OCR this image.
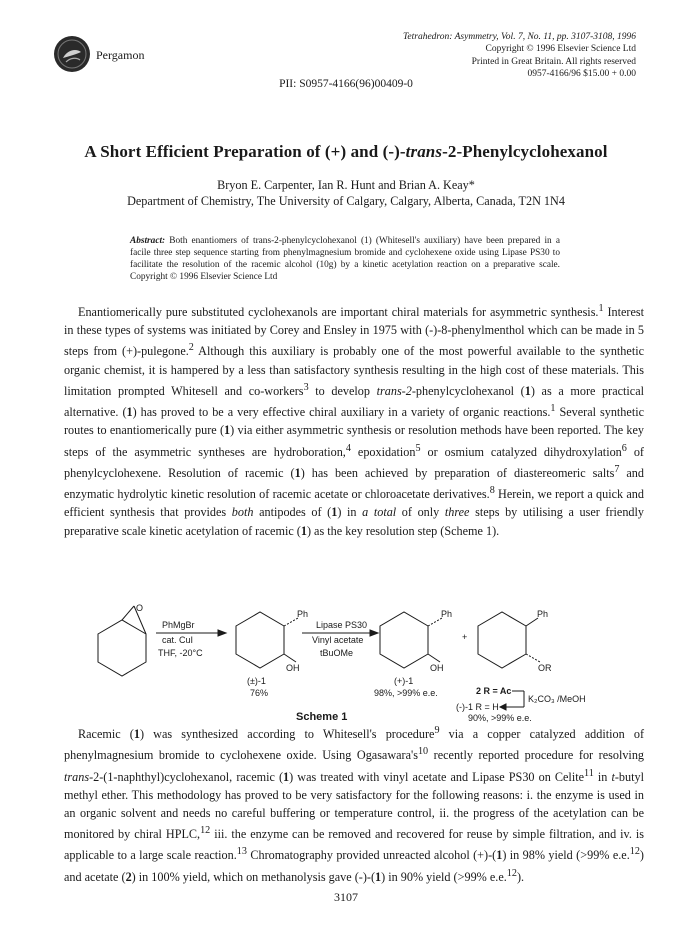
Pergamon
Tetrahedron: Asymmetry, Vol. 7, No. 11, pp. 3107-3108, 1996
Copyright © 1996 Elsevier Science Ltd
Printed in Great Britain. All rights reserved
0957-4166/96 $15.00 + 0.00
PII: S0957-4166(96)00409-0
A Short Efficient Preparation of (+) and (-)-trans-2-Phenylcyclohexanol
Bryon E. Carpenter, Ian R. Hunt and Brian A. Keay*
Department of Chemistry, The University of Calgary, Calgary, Alberta, Canada, T2N 1N4
Abstract: Both enantiomers of trans-2-phenylcyclohexanol (1) (Whitesell's auxiliary) have been prepared in a facile three step sequence starting from phenylmagnesium bromide and cyclohexene oxide using Lipase PS30 to facilitate the resolution of the racemic alcohol (10g) by a kinetic acetylation reaction on a preparative scale. Copyright © 1996 Elsevier Science Ltd
Enantiomerically pure substituted cyclohexanols are important chiral materials for asymmetric synthesis.$^1$ Interest in these types of systems was initiated by Corey and Ensley in 1975 with (-)-8-phenylmenthol which can be made in 5 steps from (+)-pulegone.$^2$ Although this auxiliary is probably one of the most powerful available to the synthetic organic chemist, it is hampered by a less than satisfactory synthesis resulting in the high cost of these materials. This limitation prompted Whitesell and co-workers$^3$ to develop trans-2-phenylcyclohexanol (1) as a more practical alternative. (1) has proved to be a very effective chiral auxiliary in a variety of organic reactions.$^1$ Several synthetic routes to enantiomerically pure (1) via either asymmetric synthesis or resolution methods have been reported. The key steps of the asymmetric syntheses are hydroboration,$^4$ epoxidation$^5$ or osmium catalyzed dihydroxylation$^6$ of phenylcyclohexene. Resolution of racemic (1) has been achieved by preparation of diastereomeric salts$^7$ and enzymatic hydrolytic kinetic resolution of racemic acetate or chloroacetate derivatives.$^8$ Herein, we report a quick and efficient synthesis that provides both antipodes of (1) in a total of only three steps by utilising a user friendly preparative scale kinetic acetylation of racemic (1) as the key resolution step (Scheme 1).
O
PhMgBr
cat. CuI
THF, -20°C
Ph
OH
(±)-1
76%
Lipase PS30
Vinyl acetate
tBuOMe
Ph
OH
(+)-1
98%, >99% e.e.
+
Ph
OR
2 R = Ac
K₂CO₃ /MeOH
(-)-1 R = H
90%, >99% e.e.
Scheme 1
Racemic (1) was synthesized according to Whitesell's procedure$^9$ via a copper catalyzed addition of phenylmagnesium bromide to cyclohexene oxide. Using $Ogasawara's^{10}$ recently reported procedure for resolving trans-2-(1-naphthyl)cyclohexanol, racemic (1) was treated with vinyl acetate and Lipase PS30 on Celite$^{11}$ in t-butyl methyl ether. This methodology has proved to be very satisfactory for the following reasons: i. the enzyme is used in an organic solvent and needs no careful buffering or temperature control, ii. the progress of the acetylation can be monitored by chiral HPLC,$^{12}$ iii. the enzyme can be removed and recovered for reuse by simple filtration, and iv. is applicable to a large scale reaction.$^{13}$ Chromatography provided unreacted alcohol (+)-(1) in 98% yield (>99% e.e.$^{12}$) and acetate (2) in 100% yield, which on methanolysis gave (-)-(1) in 90% yield (>99% e.e.$^{12}$).
3107
